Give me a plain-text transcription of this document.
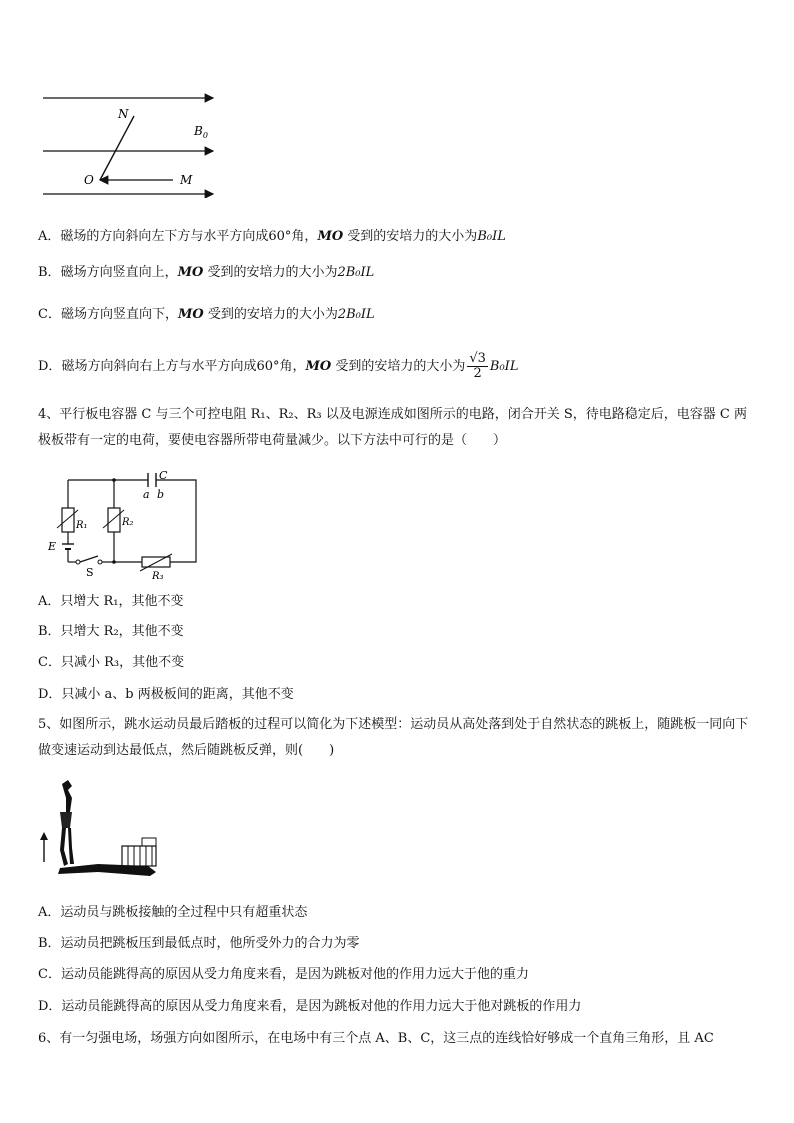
N
$B_0$
O	M
A．磁场的方向斜向左下方与水平方向成60°角，MO 受到的安培力的大小为B₀IL
B．磁场方向竖直向上，MO 受到的安培力的大小为2B₀IL
C．磁场方向竖直向下，MO 受到的安培力的大小为2B₀IL
D．磁场方向斜向右上方与水平方向成60°角，MO 受到的安培力的大小为 $\frac{√3}{2} B_0IL$
4、平行板电容器 C 与三个可控电阻 R₁、R₂、R₃ 以及电源连成如图所示的电路，闭合开关 S，待电路稳定后，电容器 C 两极板带有一定的电荷，要使电容器所带电荷量减少。以下方法中可行的是（　　）
C
a b
R₁	R₂
R₃
E
S
A．只增大 R₁，其他不变
B．只增大 R₂，其他不变
C．只减小 R₃，其他不变
D．只减小 a、b 两极板间的距离，其他不变
5、如图所示，跳水运动员最后踏板的过程可以简化为下述模型：运动员从高处落到处于自然状态的跳板上，随跳板一同向下做变速运动到达最低点，然后随跳板反弹，则(　　)
A．运动员与跳板接触的全过程中只有超重状态
B．运动员把跳板压到最低点时，他所受外力的合力为零
C．运动员能跳得高的原因从受力角度来看，是因为跳板对他的作用力远大于他的重力
D．运动员能跳得高的原因从受力角度来看，是因为跳板对他的作用力远大于他对跳板的作用力
6、有一匀强电场，场强方向如图所示，在电场中有三个点 A、B、C，这三点的连线恰好够成一个直角三角形，且 AC
